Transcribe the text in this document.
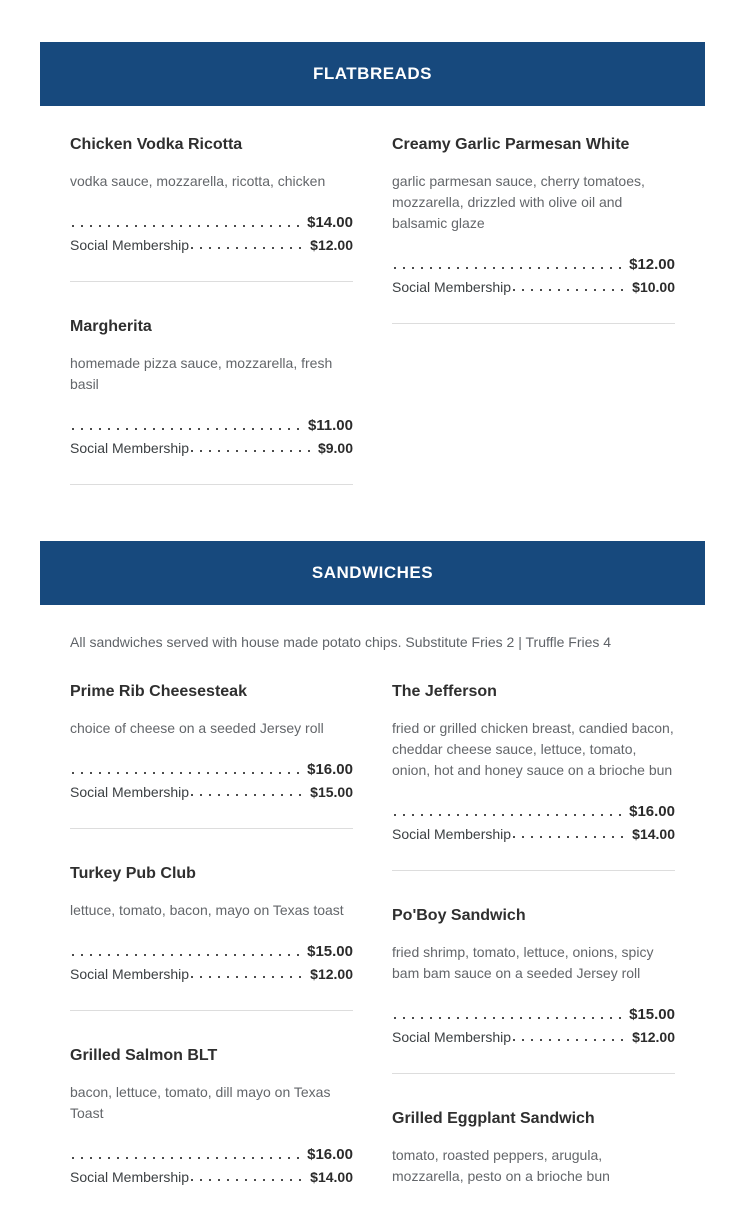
FLATBREADS
Chicken Vodka Ricotta

vodka sauce, mozzarella, ricotta, chicken

$14.00
Social Membership	$12.00
Margherita

homemade pizza sauce, mozzarella, fresh basil

$11.00
Social Membership	$9.00
Creamy Garlic Parmesan White

garlic parmesan sauce, cherry tomatoes, mozzarella, drizzled with olive oil and balsamic glaze

$12.00
Social Membership	$10.00
SANDWICHES

All sandwiches served with house made potato chips. Substitute Fries 2 | Truffle Fries 4

Prime Rib Cheesesteak

choice of cheese on a seeded Jersey roll

$16.00
Social Membership	$15.00
Turkey Pub Club

lettuce, tomato, bacon, mayo on Texas toast

$15.00
Social Membership	$12.00
Grilled Salmon BLT

bacon, lettuce, tomato, dill mayo on Texas Toast

$16.00
Social Membership	$14.00
The Jefferson

fried or grilled chicken breast, candied bacon, cheddar cheese sauce, lettuce, tomato, onion, hot and honey sauce on a brioche bun

$16.00
Social Membership	$14.00
Po'Boy Sandwich

fried shrimp, tomato, lettuce, onions, spicy bam bam sauce on a seeded Jersey roll

$15.00
Social Membership	$12.00
Grilled Eggplant Sandwich

tomato, roasted peppers, arugula, mozzarella, pesto on a brioche bun
